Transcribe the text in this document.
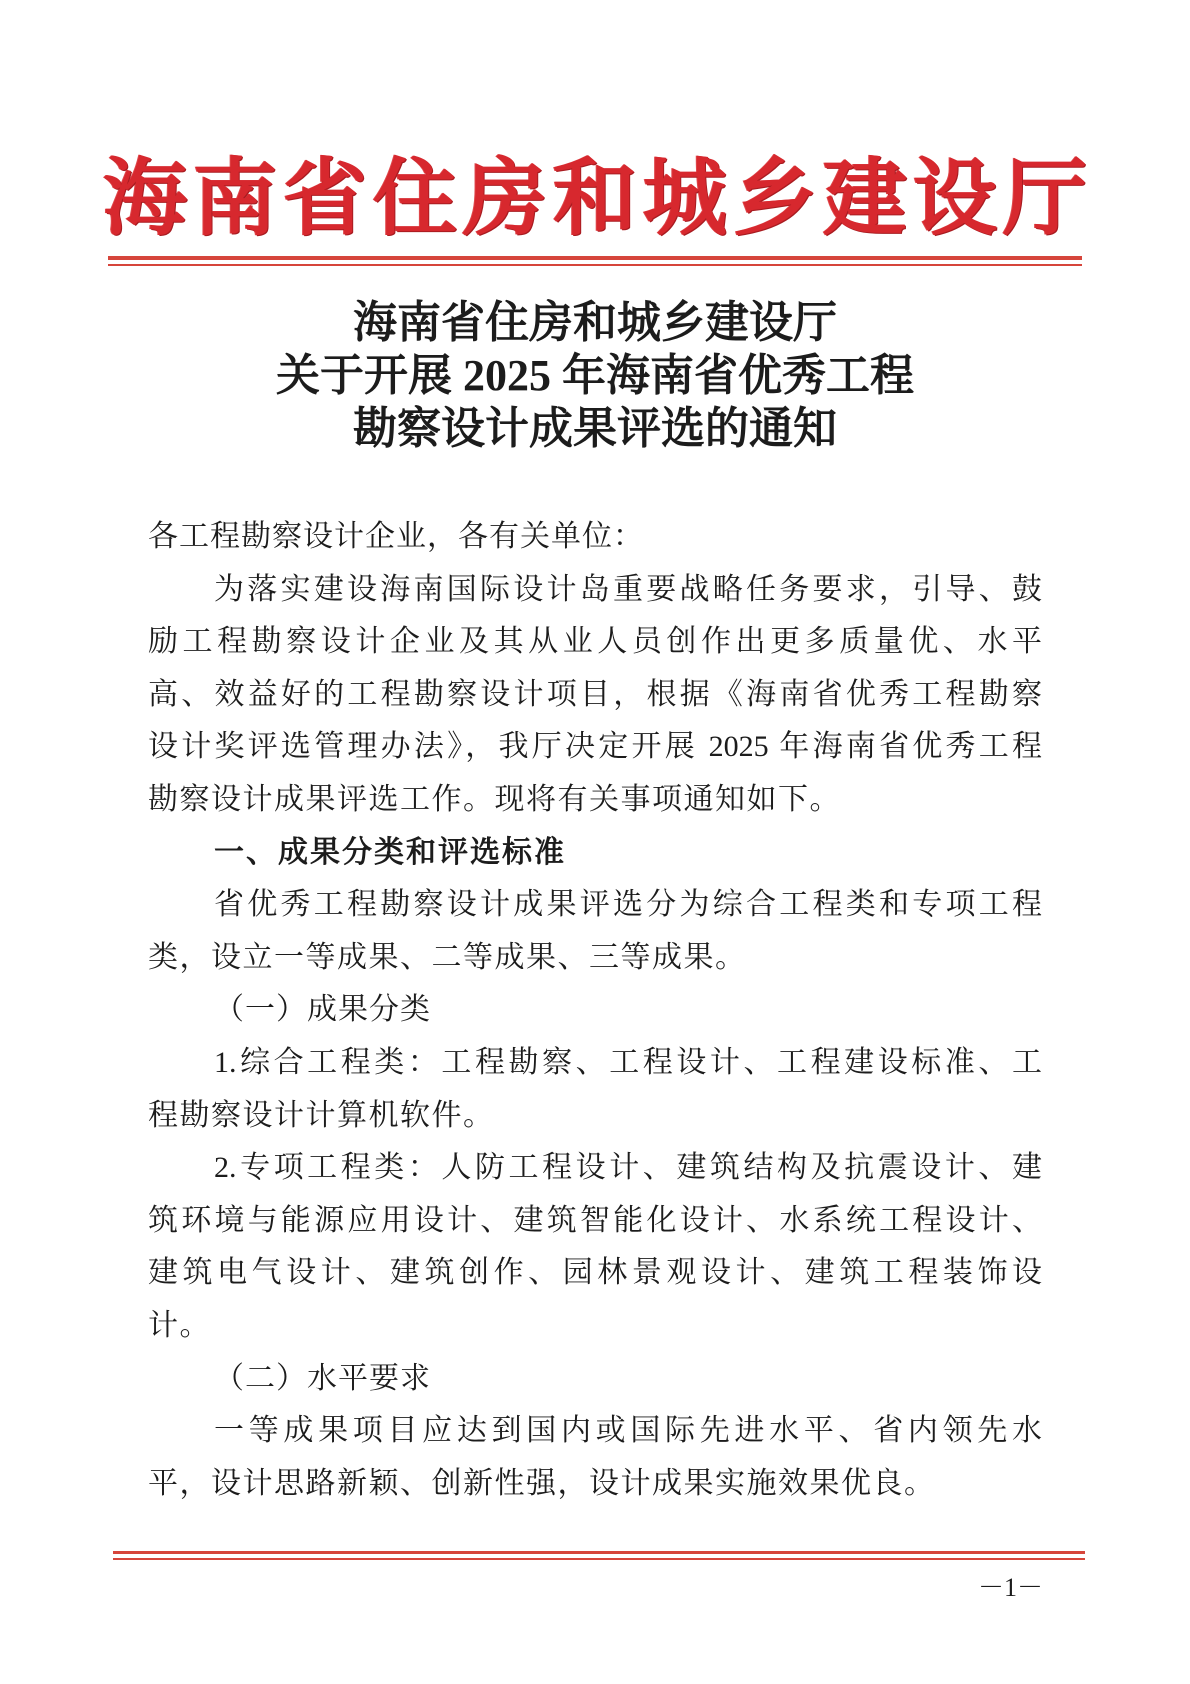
海南省住房和城乡建设厅
海南省住房和城乡建设厅
关于开展 2025 年海南省优秀工程
勘察设计成果评选的通知
各工程勘察设计企业，各有关单位：
为落实建设海南国际设计岛重要战略任务要求，引导、鼓
励工程勘察设计企业及其从业人员创作出更多质量优、水平
高、效益好的工程勘察设计项目，根据《海南省优秀工程勘察
设计奖评选管理办法》，我厅决定开展 2025 年海南省优秀工程
勘察设计成果评选工作。现将有关事项通知如下。
一、成果分类和评选标准
省优秀工程勘察设计成果评选分为综合工程类和专项工程
类，设立一等成果、二等成果、三等成果。
（一）成果分类
1.综合工程类：工程勘察、工程设计、工程建设标准、工
程勘察设计计算机软件。
2.专项工程类：人防工程设计、建筑结构及抗震设计、建
筑环境与能源应用设计、建筑智能化设计、水系统工程设计、
建筑电气设计、建筑创作、园林景观设计、建筑工程装饰设
计。
（二）水平要求
一等成果项目应达到国内或国际先进水平、省内领先水
平，设计思路新颖、创新性强，设计成果实施效果优良。
－1－
